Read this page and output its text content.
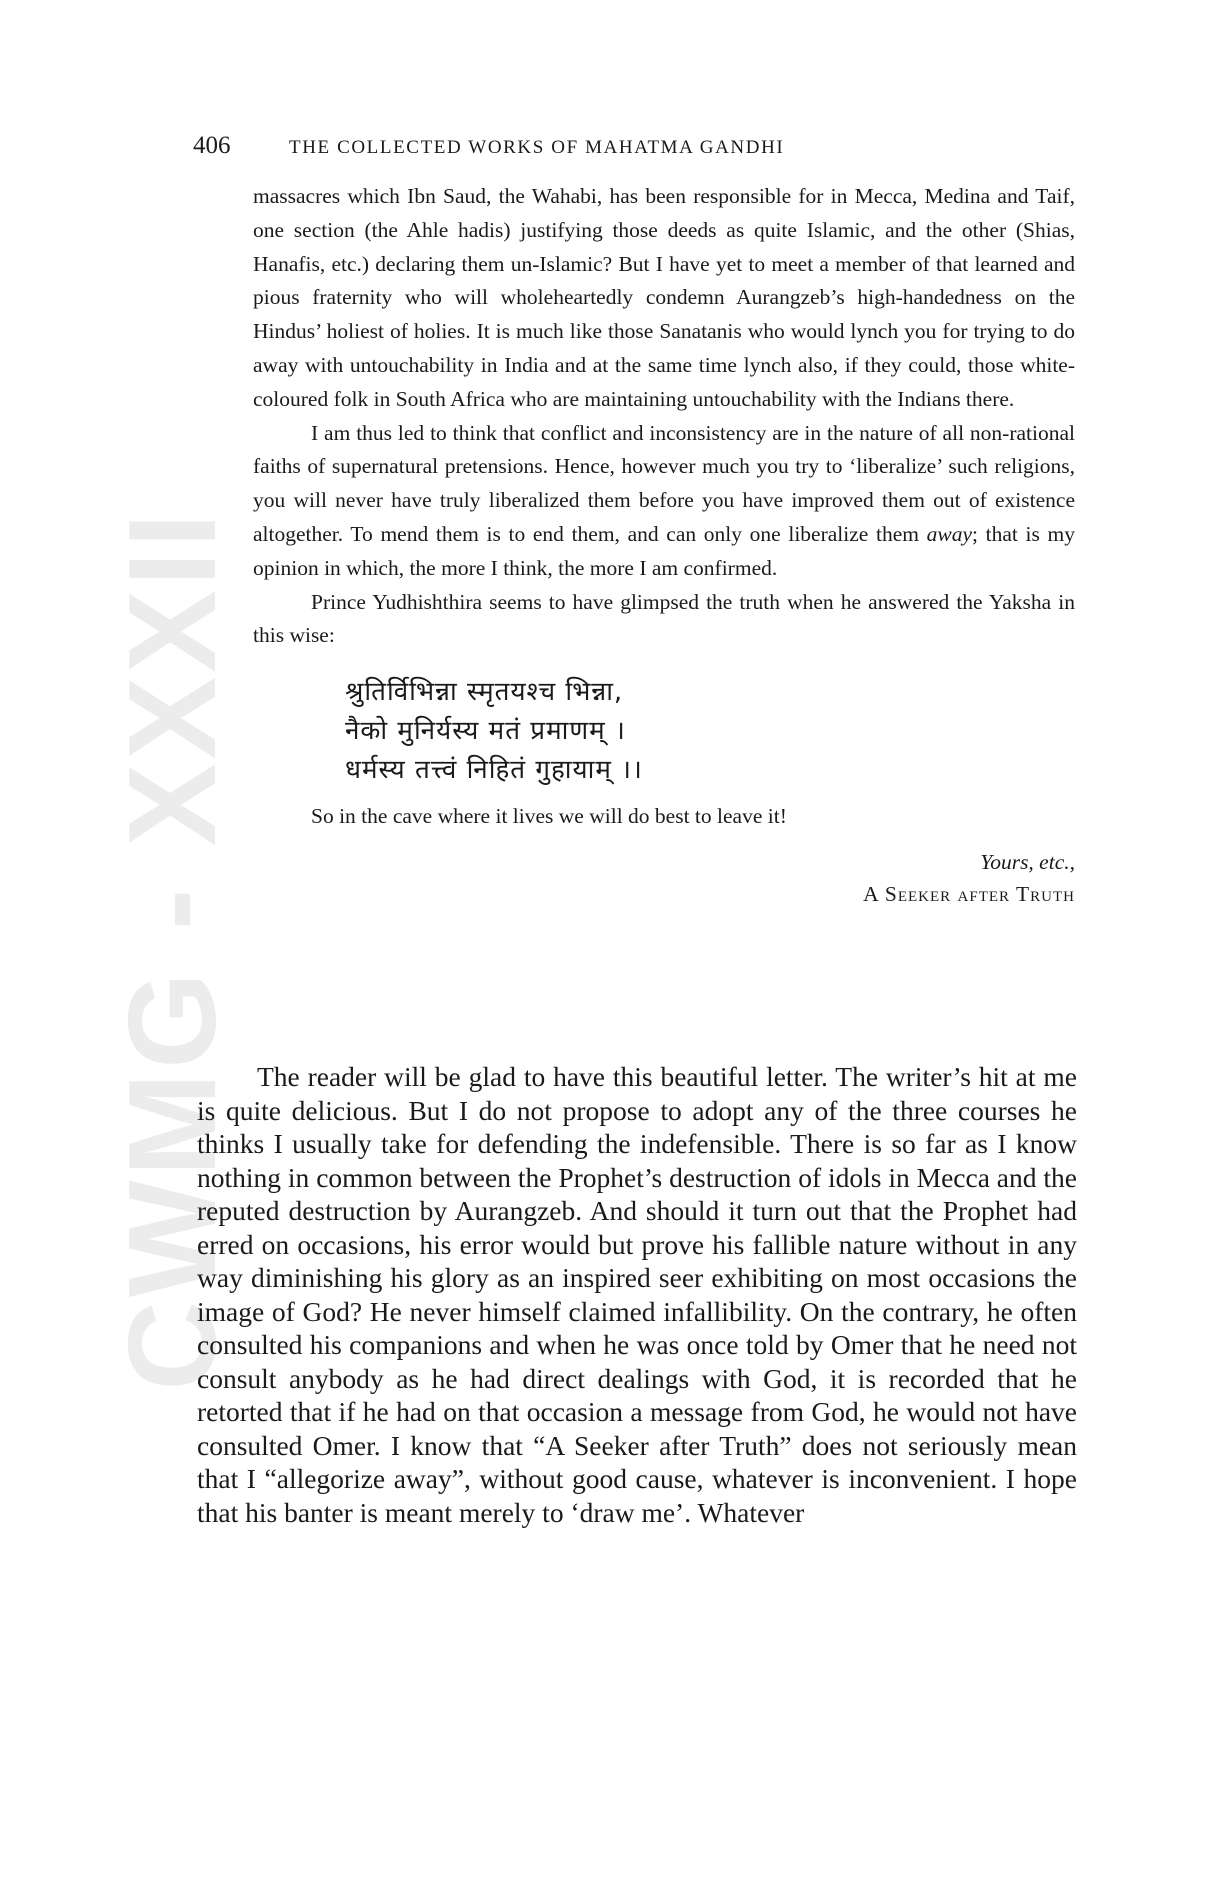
CWMG - XXXII
406	THE COLLECTED WORKS OF MAHATMA GANDHI

massacres which Ibn Saud, the Wahabi, has been responsible for in Mecca, Medina and Taif, one section (the Ahle hadis) justifying those deeds as quite Islamic, and the other (Shias, Hanafis, etc.) declaring them un-Islamic? But I have yet to meet a member of that learned and pious fraternity who will wholeheartedly condemn Aurangzeb’s high-handedness on the Hindus’ holiest of holies. It is much like those Sanatanis who would lynch you for trying to do away with untouchability in India and at the same time lynch also, if they could, those white-coloured folk in South Africa who are maintaining untouchability with the Indians there.

I am thus led to think that conflict and inconsistency are in the nature of all non-rational faiths of supernatural pretensions. Hence, however much you try to ‘liberalize’ such religions, you will never have truly liberalized them before you have improved them out of existence altogether. To mend them is to end them, and can only one liberalize them away; that is my opinion in which, the more I think, the more I am confirmed.

Prince Yudhishthira seems to have glimpsed the truth when he answered the Yaksha in this wise:

श्रुतिर्विभिन्ना स्मृतयश्च भिन्ना,
नैको मुनिर्यस्य मतं प्रमाणम् ।
धर्मस्य तत्त्वं निहितं गुहायाम् ।।

So in the cave where it lives we will do best to leave it!

Yours, etc.,
A Seeker after Truth

The reader will be glad to have this beautiful letter. The writer’s hit at me is quite delicious. But I do not propose to adopt any of the three courses he thinks I usually take for defending the indefensible. There is so far as I know nothing in common between the Prophet’s destruction of idols in Mecca and the reputed destruction by Aurangzeb. And should it turn out that the Prophet had erred on occasions, his error would but prove his fallible nature without in any way diminishing his glory as an inspired seer exhibiting on most occasions the image of God? He never himself claimed infallibility. On the contrary, he often consulted his companions and when he was once told by Omer that he need not consult anybody as he had direct dealings with God, it is recorded that he retorted that if he had on that occasion a message from God, he would not have consulted Omer. I know that “A Seeker after Truth” does not seriously mean that I “allegorize away”, without good cause, whatever is inconvenient. I hope that his banter is meant merely to ‘draw me’. Whatever
